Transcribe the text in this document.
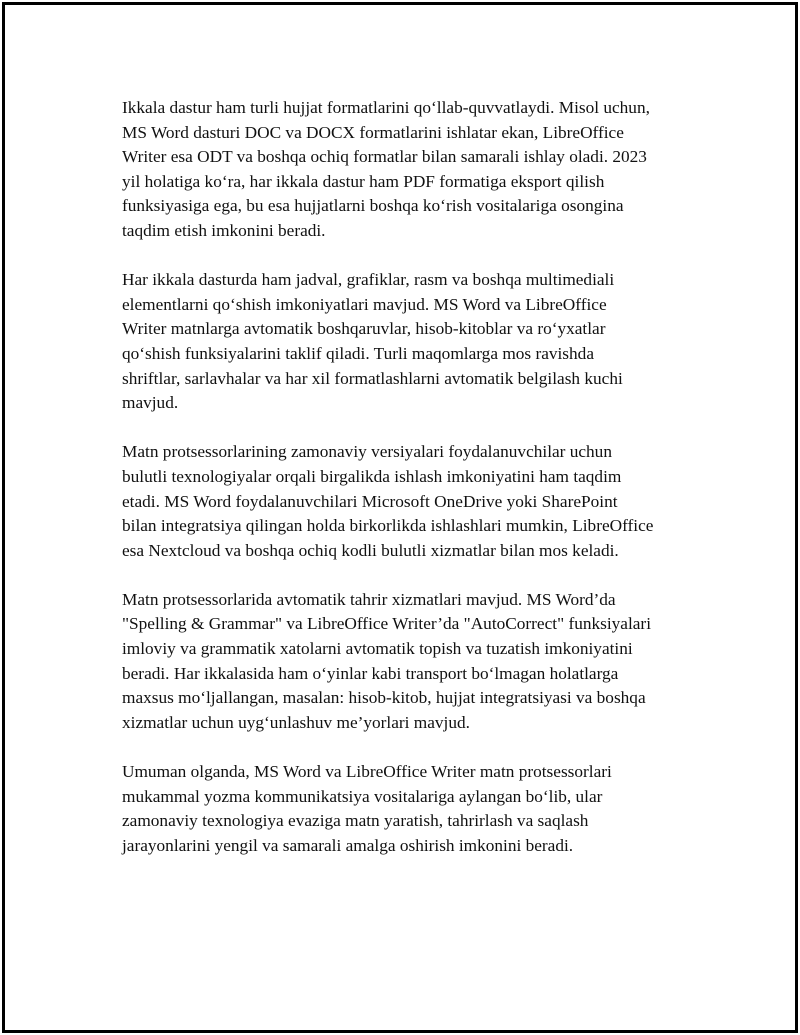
Ikkala dastur ham turli hujjat formatlarini qo‘llab-quvvatlaydi. Misol uchun,
MS Word dasturi DOC va DOCX formatlarini ishlatar ekan, LibreOffice
Writer esa ODT va boshqa ochiq formatlar bilan samarali ishlay oladi. 2023
yil holatiga ko‘ra, har ikkala dastur ham PDF formatiga eksport qilish
funksiyasiga ega, bu esa hujjatlarni boshqa ko‘rish vositalariga osongina
taqdim etish imkonini beradi.

Har ikkala dasturda ham jadval, grafiklar, rasm va boshqa multimediali
elementlarni qo‘shish imkoniyatlari mavjud. MS Word va LibreOffice
Writer matnlarga avtomatik boshqaruvlar, hisob-kitoblar va ro‘yxatlar
qo‘shish funksiyalarini taklif qiladi. Turli maqomlarga mos ravishda
shriftlar, sarlavhalar va har xil formatlashlarni avtomatik belgilash kuchi
mavjud.

Matn protsessorlarining zamonaviy versiyalari foydalanuvchilar uchun
bulutli texnologiyalar orqali birgalikda ishlash imkoniyatini ham taqdim
etadi. MS Word foydalanuvchilari Microsoft OneDrive yoki SharePoint
bilan integratsiya qilingan holda birkorlikda ishlashlari mumkin, LibreOffice
esa Nextcloud va boshqa ochiq kodli bulutli xizmatlar bilan mos keladi.

Matn protsessorlarida avtomatik tahrir xizmatlari mavjud. MS Word’da
"Spelling & Grammar" va LibreOffice Writer’da "AutoCorrect" funksiyalari
imloviy va grammatik xatolarni avtomatik topish va tuzatish imkoniyatini
beradi. Har ikkalasida ham o‘yinlar kabi transport bo‘lmagan holatlarga
maxsus mo‘ljallangan, masalan: hisob-kitob, hujjat integratsiyasi va boshqa
xizmatlar uchun uyg‘unlashuv me’yorlari mavjud.

Umuman olganda, MS Word va LibreOffice Writer matn protsessorlari
mukammal yozma kommunikatsiya vositalariga aylangan bo‘lib, ular
zamonaviy texnologiya evaziga matn yaratish, tahrirlash va saqlash
jarayonlarini yengil va samarali amalga oshirish imkonini beradi.
